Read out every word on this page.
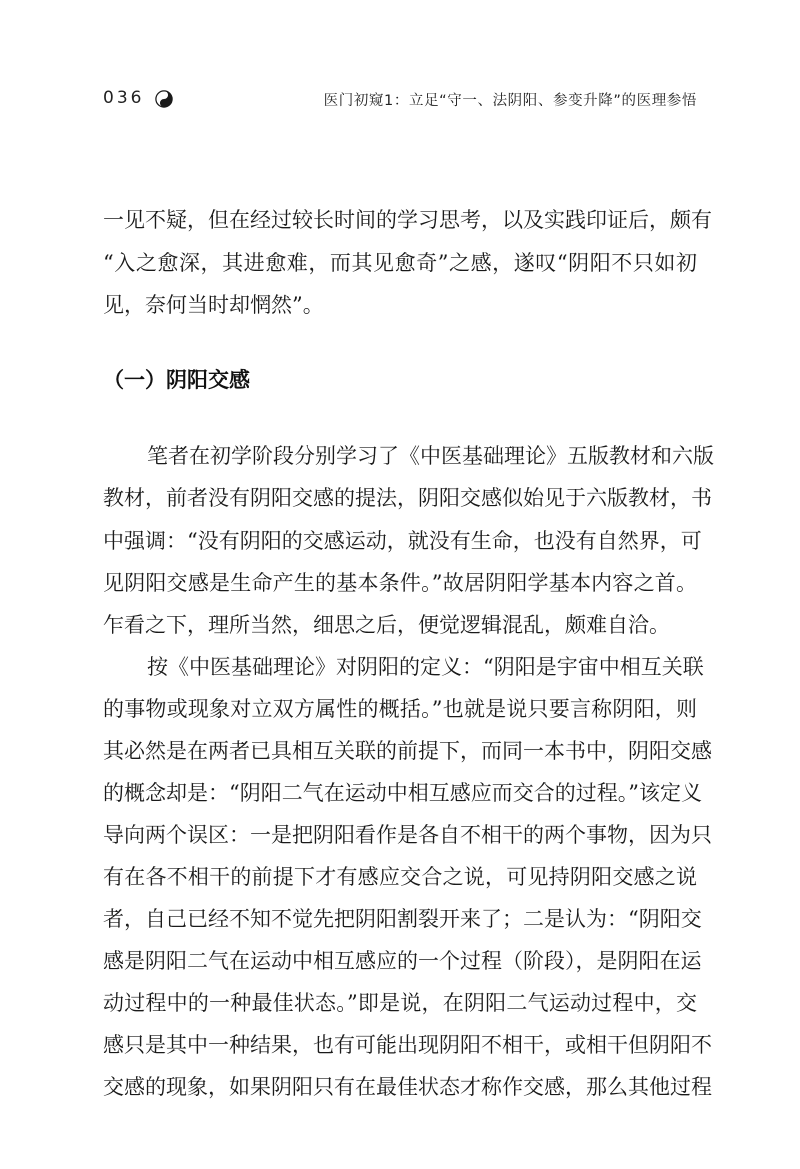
036	医门初窥1：立足“守一、法阴阳、参变升降”的医理参悟
一见不疑，但在经过较长时间的学习思考，以及实践印证后，颇有
“入之愈深，其进愈难，而其见愈奇”之感，遂叹“阴阳不只如初
见，奈何当时却惘然”。
（一）阴阳交感
笔者在初学阶段分别学习了《中医基础理论》五版教材和六版
教材，前者没有阴阳交感的提法，阴阳交感似始见于六版教材，书
中强调：“没有阴阳的交感运动，就没有生命，也没有自然界，可
见阴阳交感是生命产生的基本条件。”故居阴阳学基本内容之首。
乍看之下，理所当然，细思之后，便觉逻辑混乱，颇难自洽。
按《中医基础理论》对阴阳的定义：“阴阳是宇宙中相互关联
的事物或现象对立双方属性的概括。”也就是说只要言称阴阳，则
其必然是在两者已具相互关联的前提下，而同一本书中，阴阳交感
的概念却是：“阴阳二气在运动中相互感应而交合的过程。”该定义
导向两个误区：一是把阴阳看作是各自不相干的两个事物，因为只
有在各不相干的前提下才有感应交合之说，可见持阴阳交感之说
者，自己已经不知不觉先把阴阳割裂开来了；二是认为：“阴阳交
感是阴阳二气在运动中相互感应的一个过程（阶段），是阴阳在运
动过程中的一种最佳状态。”即是说，在阴阳二气运动过程中，交
感只是其中一种结果，也有可能出现阴阳不相干，或相干但阴阳不
交感的现象，如果阴阳只有在最佳状态才称作交感，那么其他过程
